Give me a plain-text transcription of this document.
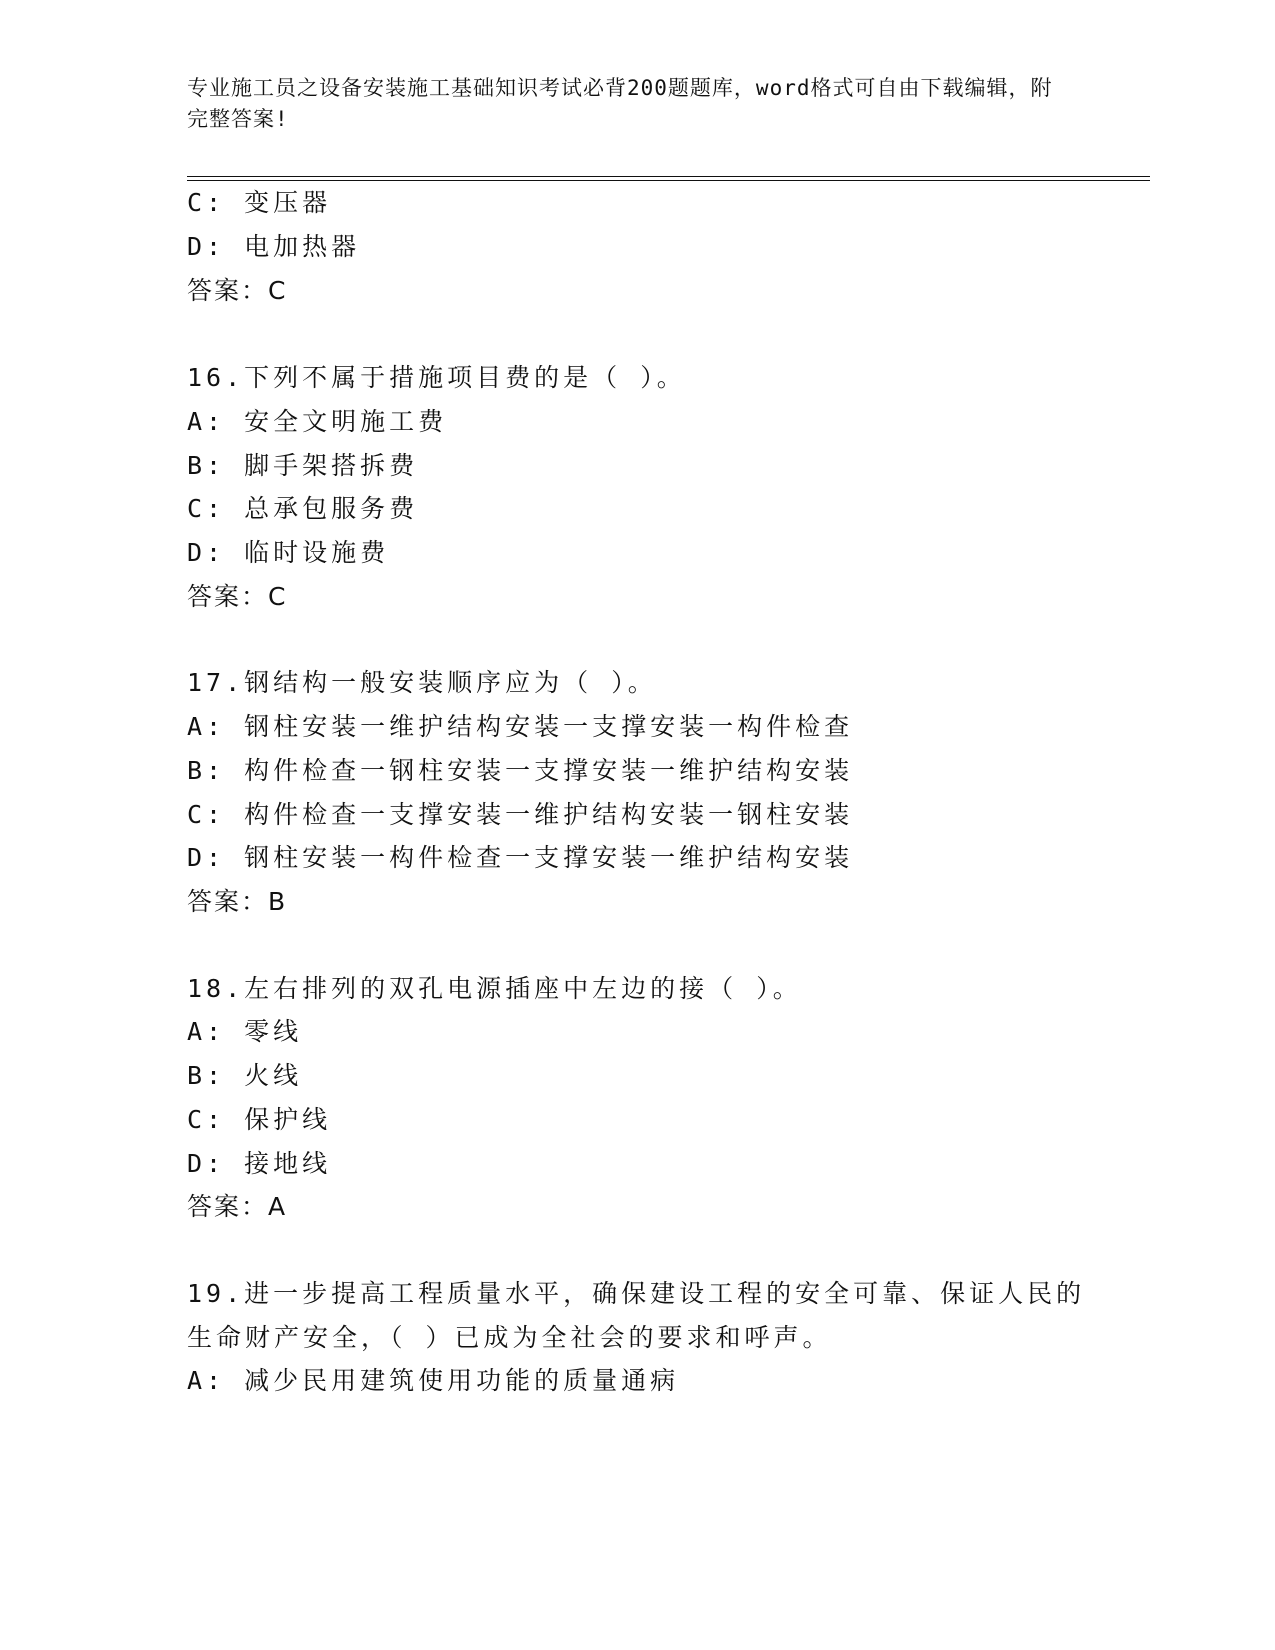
专业施工员之设备安装施工基础知识考试必背200题题库，word格式可自由下载编辑，附完整答案!
C: 变压器
D: 电加热器
答案：C
16.下列不属于措施项目费的是（ ）。
A: 安全文明施工费
B: 脚手架搭拆费
C: 总承包服务费
D: 临时设施费
答案：C
17.钢结构一般安装顺序应为（ ）。
A: 钢柱安装一维护结构安装一支撑安装一构件检查
B: 构件检查一钢柱安装一支撑安装一维护结构安装
C: 构件检查一支撑安装一维护结构安装一钢柱安装
D: 钢柱安装一构件检查一支撑安装一维护结构安装
答案：B
18.左右排列的双孔电源插座中左边的接（ ）。
A: 零线
B: 火线
C: 保护线
D: 接地线
答案：A
19.进一步提高工程质量水平，确保建设工程的安全可靠、保证人民的
生命财产安全，（ ）已成为全社会的要求和呼声。
A: 减少民用建筑使用功能的质量通病
